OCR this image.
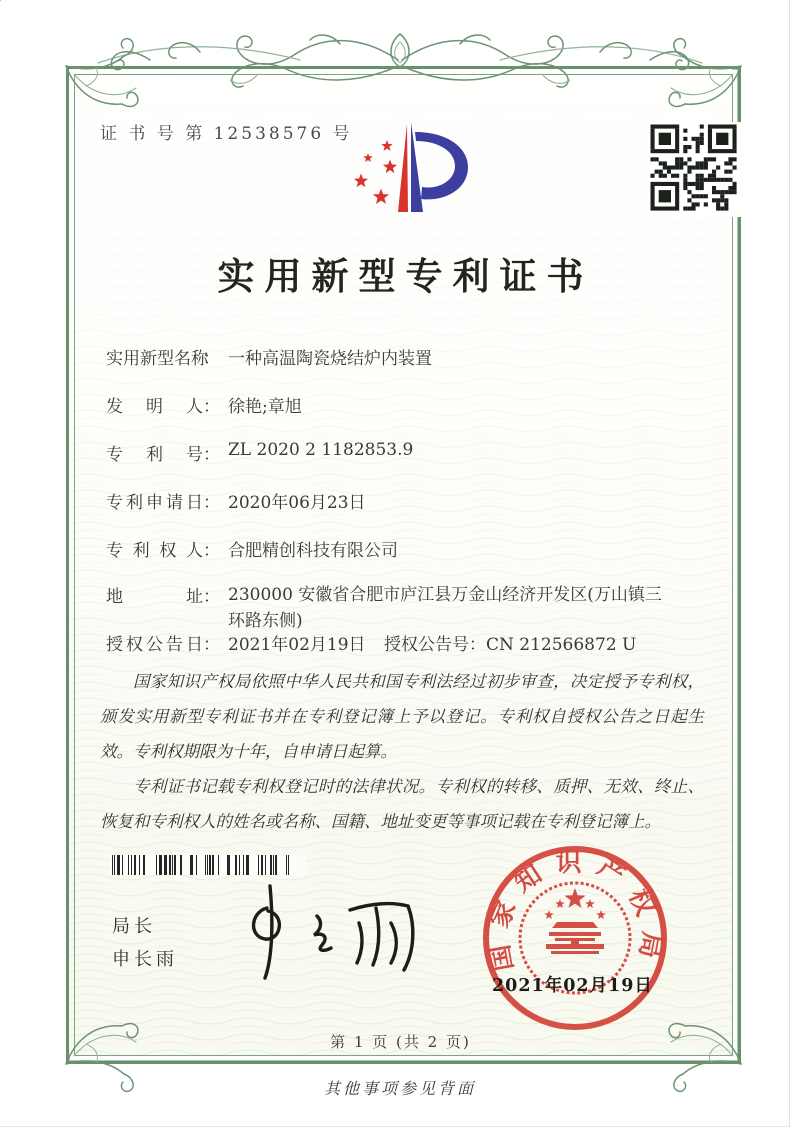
证 书 号 第 12538576 号
实用新型专利证书
实用新型名称： 一种高温陶瓷烧结炉内装置
发明人： 徐艳;章旭
专利号： ZL 2020 2 1182853.9
专利申请日： 2020年06月23日
专利权人： 合肥精创科技有限公司
地址： 230000 安徽省合肥市庐江县万金山经济开发区(万山镇三
环路东侧)
授权公告日： 2021年02月19日 授权公告号：CN 212566872 U

国家知识产权局依照中华人民共和国专利法经过初步审查，决定授予专利权，颁发实用新型专利证书并在专利登记簿上予以登记。专利权自授权公告之日起生效。专利权期限为十年，自申请日起算。

专利证书记载专利权登记时的法律状况。专利权的转移、质押、无效、终止、恢复和专利权人的姓名或名称、国籍、地址变更等事项记载在专利登记簿上。

局长
申长雨	国家知识产权局
2021年02月19日
第 1 页 (共 2 页)
其他事项参见背面
